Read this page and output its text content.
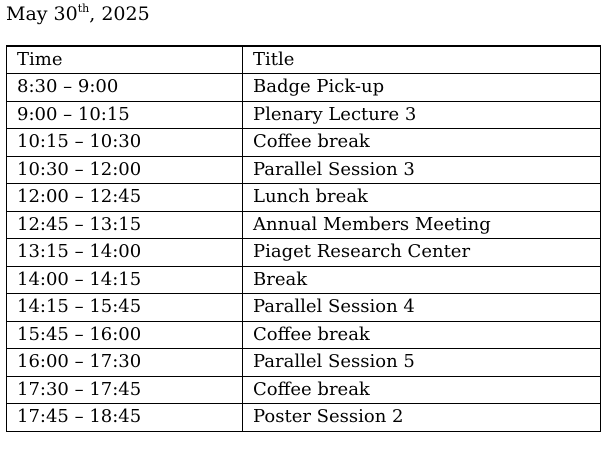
May 30th, 2025
Time	Title
8:30 – 9:00	Badge Pick-up
9:00 – 10:15	Plenary Lecture 3
10:15 – 10:30	Coffee break
10:30 – 12:00	Parallel Session 3
12:00 – 12:45	Lunch break
12:45 – 13:15	Annual Members Meeting
13:15 – 14:00	Piaget Research Center
14:00 – 14:15	Break
14:15 – 15:45	Parallel Session 4
15:45 – 16:00	Coffee break
16:00 – 17:30	Parallel Session 5
17:30 – 17:45	Coffee break
17:45 – 18:45	Poster Session 2
